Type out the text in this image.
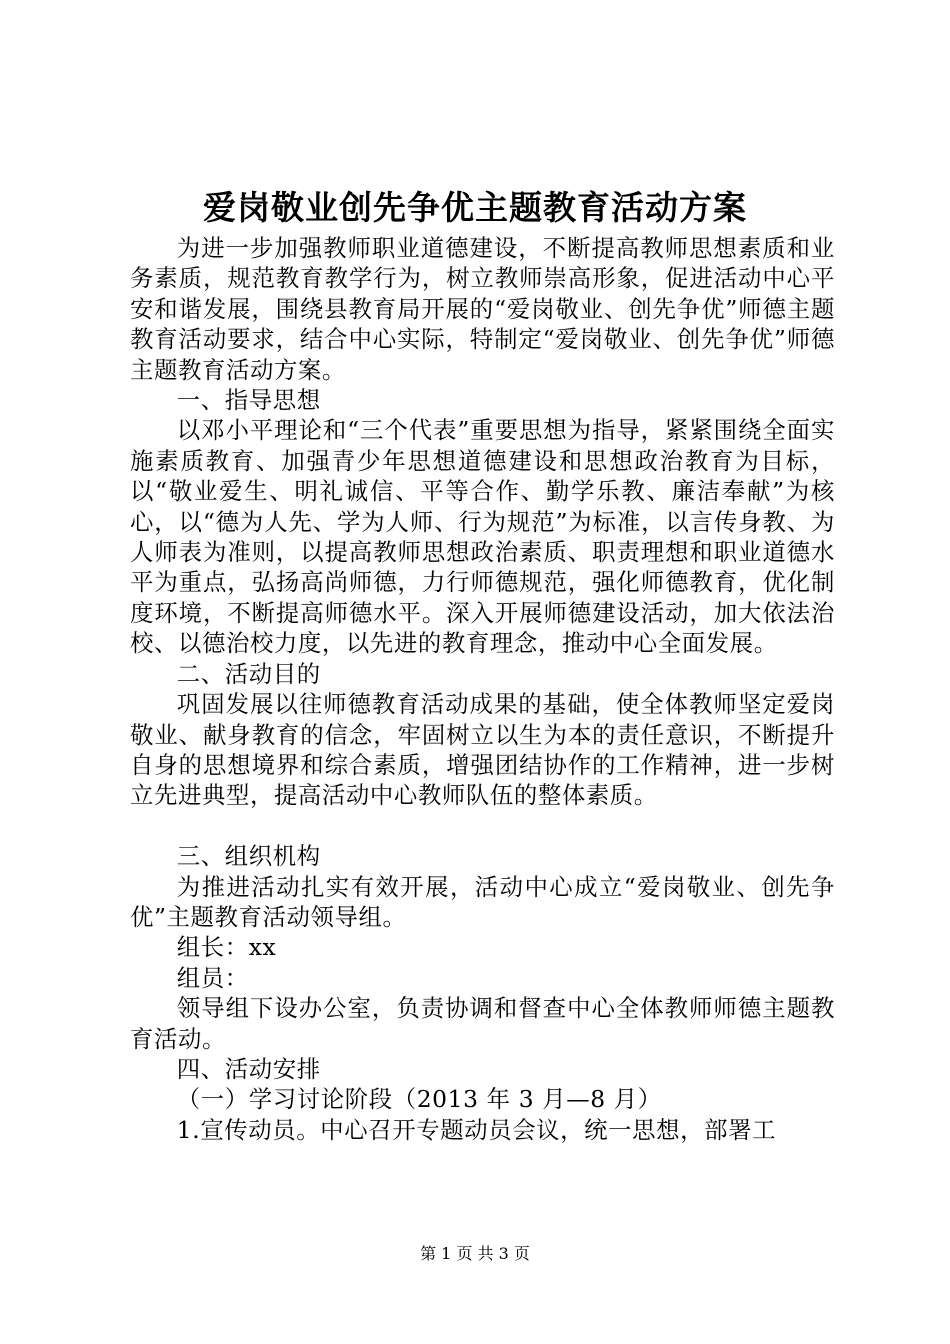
爱岗敬业创先争优主题教育活动方案

为进一步加强教师职业道德建设，不断提高教师思想素质和业务素质，规范教育教学行为，树立教师崇高形象，促进活动中心平安和谐发展，围绕县教育局开展的“爱岗敬业、创先争优”师德主题教育活动要求，结合中心实际，特制定“爱岗敬业、创先争优”师德主题教育活动方案。

一、指导思想

以邓小平理论和“三个代表”重要思想为指导，紧紧围绕全面实施素质教育、加强青少年思想道德建设和思想政治教育为目标，以“敬业爱生、明礼诚信、平等合作、勤学乐教、廉洁奉献”为核心，以“德为人先、学为人师、行为规范”为标准，以言传身教、为人师表为准则，以提高教师思想政治素质、职责理想和职业道德水平为重点，弘扬高尚师德，力行师德规范，强化师德教育，优化制度环境，不断提高师德水平。深入开展师德建设活动，加大依法治校、以德治校力度，以先进的教育理念，推动中心全面发展。

二、活动目的

巩固发展以往师德教育活动成果的基础，使全体教师坚定爱岗敬业、献身教育的信念，牢固树立以生为本的责任意识，不断提升自身的思想境界和综合素质，增强团结协作的工作精神，进一步树立先进典型，提高活动中心教师队伍的整体素质。

三、组织机构

为推进活动扎实有效开展，活动中心成立“爱岗敬业、创先争优”主题教育活动领导组。

组长：xx

组员：

领导组下设办公室，负责协调和督查中心全体教师师德主题教育活动。

四、活动安排

（一）学习讨论阶段（2013 年 3 月—8 月）

1.宣传动员。中心召开专题动员会议，统一思想，部署工

第 1 页 共 3 页
